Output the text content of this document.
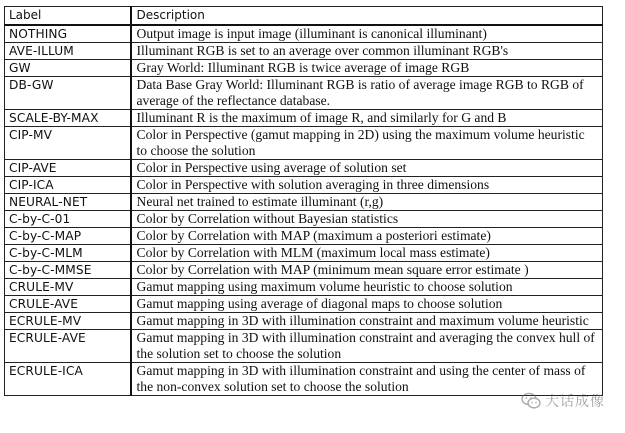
Label	Description
NOTHING	Output image is input image (illuminant is canonical illuminant)
AVE-ILLUM	Illuminant RGB is set to an average over common illuminant RGB's
GW	Gray World: Illuminant RGB is twice average of image RGB
DB-GW	Data Base Gray World: Illuminant RGB is ratio of average image RGB to RGB of average of the reflectance database.
SCALE-BY-MAX	Illuminant R is the maximum of image R, and similarly for G and B
CIP-MV	Color in Perspective (gamut mapping in 2D) using the maximum volume heuristic to choose the solution
CIP-AVE	Color in Perspective using average of solution set
CIP-ICA	Color in Perspective with solution averaging in three dimensions
NEURAL-NET	Neural net trained to estimate illuminant (r,g)
C-by-C-01	Color by Correlation without Bayesian statistics
C-by-C-MAP	Color by Correlation with MAP (maximum a posteriori estimate)
C-by-C-MLM	Color by Correlation with MLM (maximum local mass estimate)
C-by-C-MMSE	Color by Correlation with MAP (minimum mean square error estimate )
CRULE-MV	Gamut mapping using maximum volume heuristic to choose solution
CRULE-AVE	Gamut mapping using average of diagonal maps to choose solution
ECRULE-MV	Gamut mapping in 3D with illumination constraint and maximum volume heuristic
ECRULE-AVE	Gamut mapping in 3D with illumination constraint and averaging the convex hull of the solution set to choose the solution
ECRULE-ICA	Gamut mapping in 3D with illumination constraint and using the center of mass of the non-convex solution set to choose the solution
大话成像
